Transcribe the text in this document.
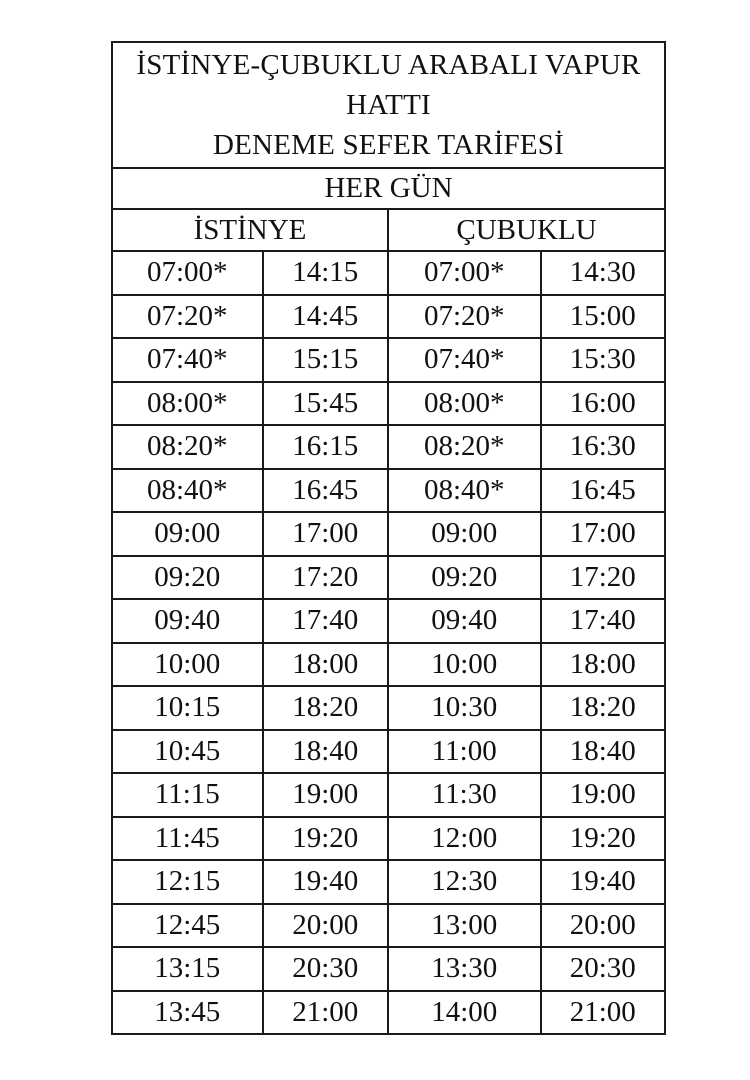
İSTİNYE-ÇUBUKLU ARABALI VAPUR
HATTI
DENEME SEFER TARİFESİ			

HER GÜN			
İSTİNYE		ÇUBUKLU	
07:00*	14:15	07:00*	14:30
07:20*	14:45	07:20*	15:00
07:40*	15:15	07:40*	15:30
08:00*	15:45	08:00*	16:00
08:20*	16:15	08:20*	16:30
08:40*	16:45	08:40*	16:45
09:00	17:00	09:00	17:00
09:20	17:20	09:20	17:20
09:40	17:40	09:40	17:40
10:00	18:00	10:00	18:00
10:15	18:20	10:30	18:20
10:45	18:40	11:00	18:40
11:15	19:00	11:30	19:00
11:45	19:20	12:00	19:20
12:15	19:40	12:30	19:40
12:45	20:00	13:00	20:00
13:15	20:30	13:30	20:30
13:45	21:00	14:00	21:00
